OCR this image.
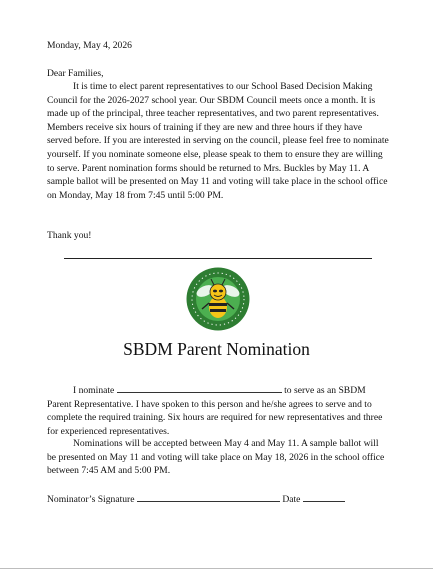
Monday, May 4, 2026
Dear Families,
It is time to elect parent representatives to our School Based Decision Making Council for the 2026-2027 school year. Our SBDM Council meets once a month. It is made up of the principal, three teacher representatives, and two parent representatives. Members receive six hours of training if they are new and three hours if they have served before. If you are interested in serving on the council, please feel free to nominate yourself. If you nominate someone else, please speak to them to ensure they are willing to serve. Parent nomination forms should be returned to Mrs. Buckles by May 11. A sample ballot will be presented on May 11 and voting will take place in the school office on Monday, May 18 from 7:45 until 5:00 PM.
Thank you!
SBDM Parent Nomination
I nominate	to serve as an SBDM Parent Representative. I have spoken to this person and he/she agrees to serve and to complete the required training. Six hours are required for new representatives and three for experienced representatives.
Nominations will be accepted between May 4 and May 11. A sample ballot will be presented on May 11 and voting will take place on May 18, 2026 in the school office between 7:45 AM and 5:00 PM.
Nominator’s Signature	Date
